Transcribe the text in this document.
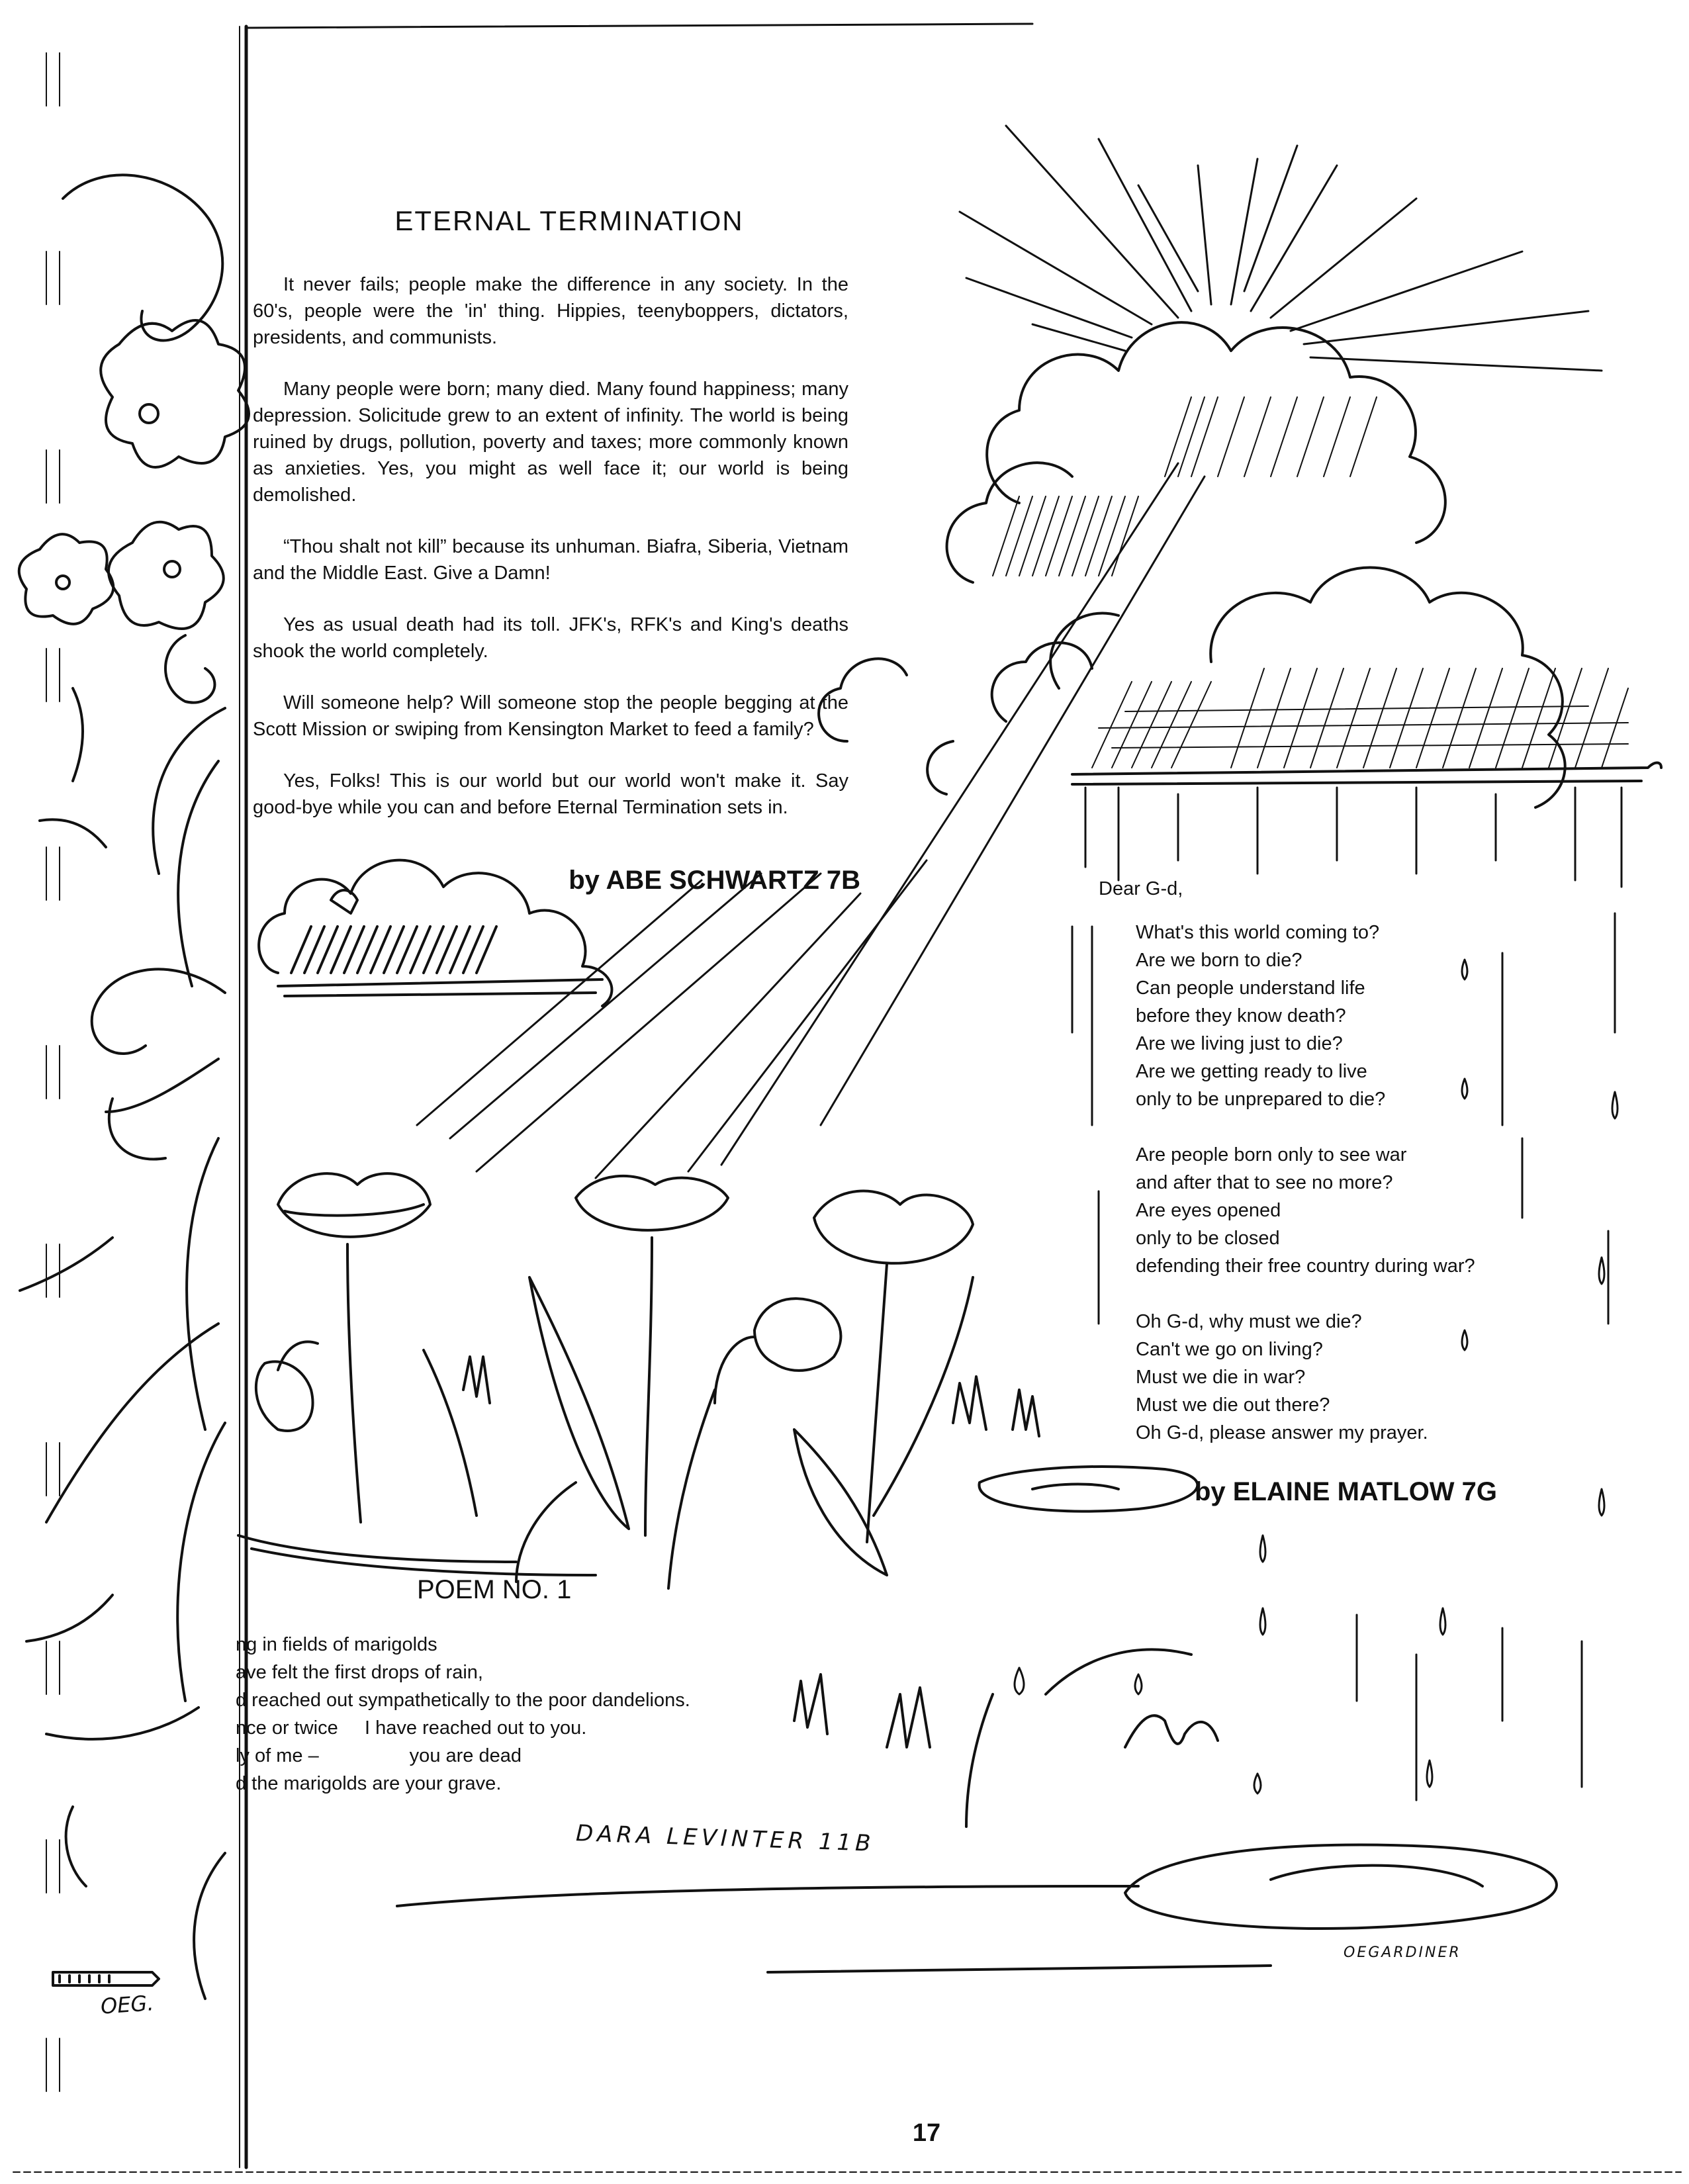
ETERNAL TERMINATION

It never fails; people make the difference in any society. In the 60's, people were the 'in' thing. Hippies, teenyboppers, dictators, presidents, and communists.

Many people were born; many died. Many found happiness; many depression. Solicitude grew to an extent of infinity. The world is being ruined by drugs, pollution, poverty and taxes; more commonly known as anxieties. Yes, you might as well face it; our world is being demolished.

“Thou shalt not kill” because its unhuman. Biafra, Siberia, Vietnam and the Middle East. Give a Damn!

Yes as usual death had its toll. JFK's, RFK's and King's deaths shook the world completely.

Will someone help? Will someone stop the people begging at the Scott Mission or swiping from Kensington Market to feed a family?

Yes, Folks! This is our world but our world won't make it. Say good-bye while you can and before Eternal Termination sets in.

by ABE SCHWARTZ 7B	Dear G-d,
What's this world coming to?
Are we born to die?
Can people understand life
before they know death?
Are we living just to die?
Are we getting ready to live
only to be unprepared to die?
Are people born only to see war
and after that to see no more?
Are eyes opened
only to be closed
defending their free country during war?
Oh G-d, why must we die?
Can't we go on living?
Must we die in war?
Must we die out there?
Oh G-d, please answer my prayer.
by ELAINE MATLOW 7G
POEM NO. 1
ng in fields of marigolds
ave felt the first drops of rain,
d reached out sympathetically to the poor dandelions.
nce or twice     I have reached out to you.
ly of me –                 you are dead
d the marigolds are your grave.
DARA LEVINTER 11B
OEGARDINER
OEG.
17
